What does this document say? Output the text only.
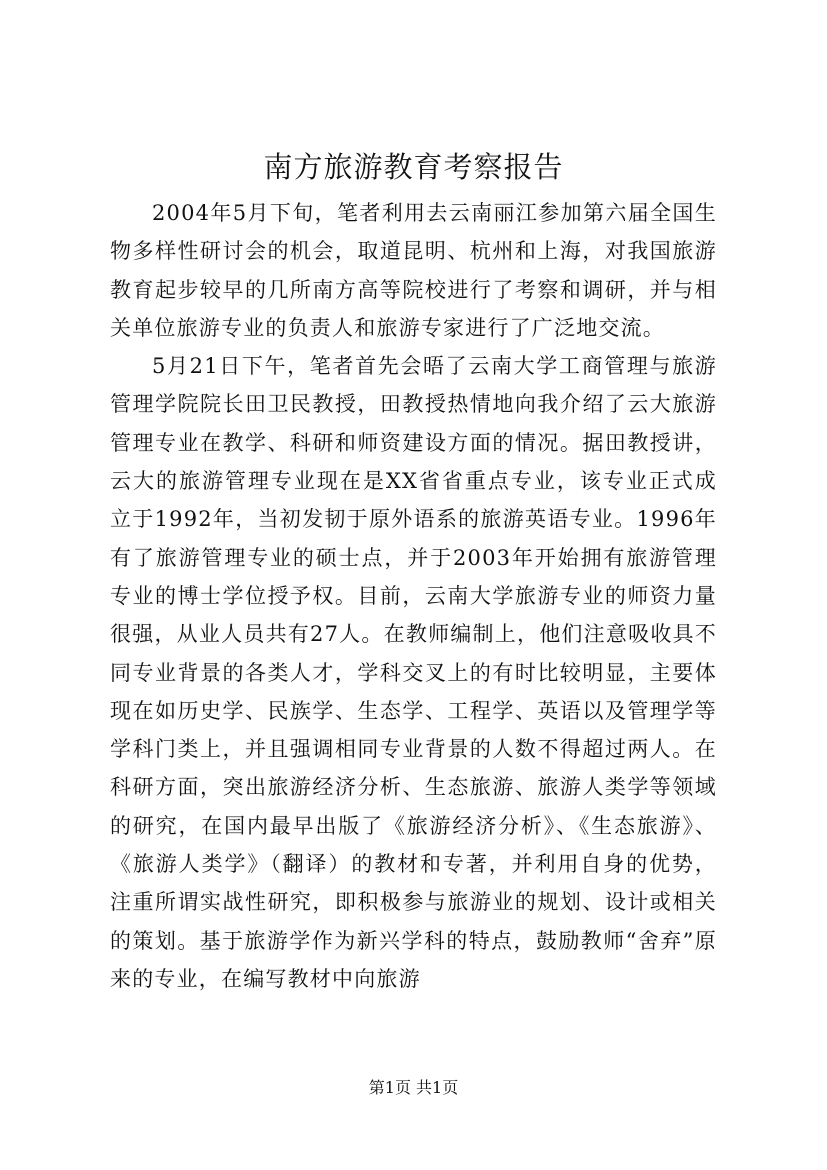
南方旅游教育考察报告

2004年5月下旬，笔者利用去云南丽江参加第六届全国生物多样性研讨会的机会，取道昆明、杭州和上海，对我国旅游教育起步较早的几所南方高等院校进行了考察和调研，并与相关单位旅游专业的负责人和旅游专家进行了广泛地交流。

5月21日下午，笔者首先会晤了云南大学工商管理与旅游管理学院院长田卫民教授，田教授热情地向我介绍了云大旅游管理专业在教学、科研和师资建设方面的情况。据田教授讲，云大的旅游管理专业现在是XX省省重点专业，该专业正式成立于1992年，当初发韧于原外语系的旅游英语专业。1996年有了旅游管理专业的硕士点，并于2003年开始拥有旅游管理专业的博士学位授予权。目前，云南大学旅游专业的师资力量很强，从业人员共有27人。在教师编制上，他们注意吸收具不同专业背景的各类人才，学科交叉上的有时比较明显，主要体现在如历史学、民族学、生态学、工程学、英语以及管理学等学科门类上，并且强调相同专业背景的人数不得超过两人。在科研方面，突出旅游经济分析、生态旅游、旅游人类学等领域的研究，在国内最早出版了《旅游经济分析》、《生态旅游》、《旅游人类学》（翻译）的教材和专著，并利用自身的优势，注重所谓实战性研究，即积极参与旅游业的规划、设计或相关的策划。基于旅游学作为新兴学科的特点，鼓励教师“舍弃”原来的专业，在编写教材中向旅游

第1页 共1页
